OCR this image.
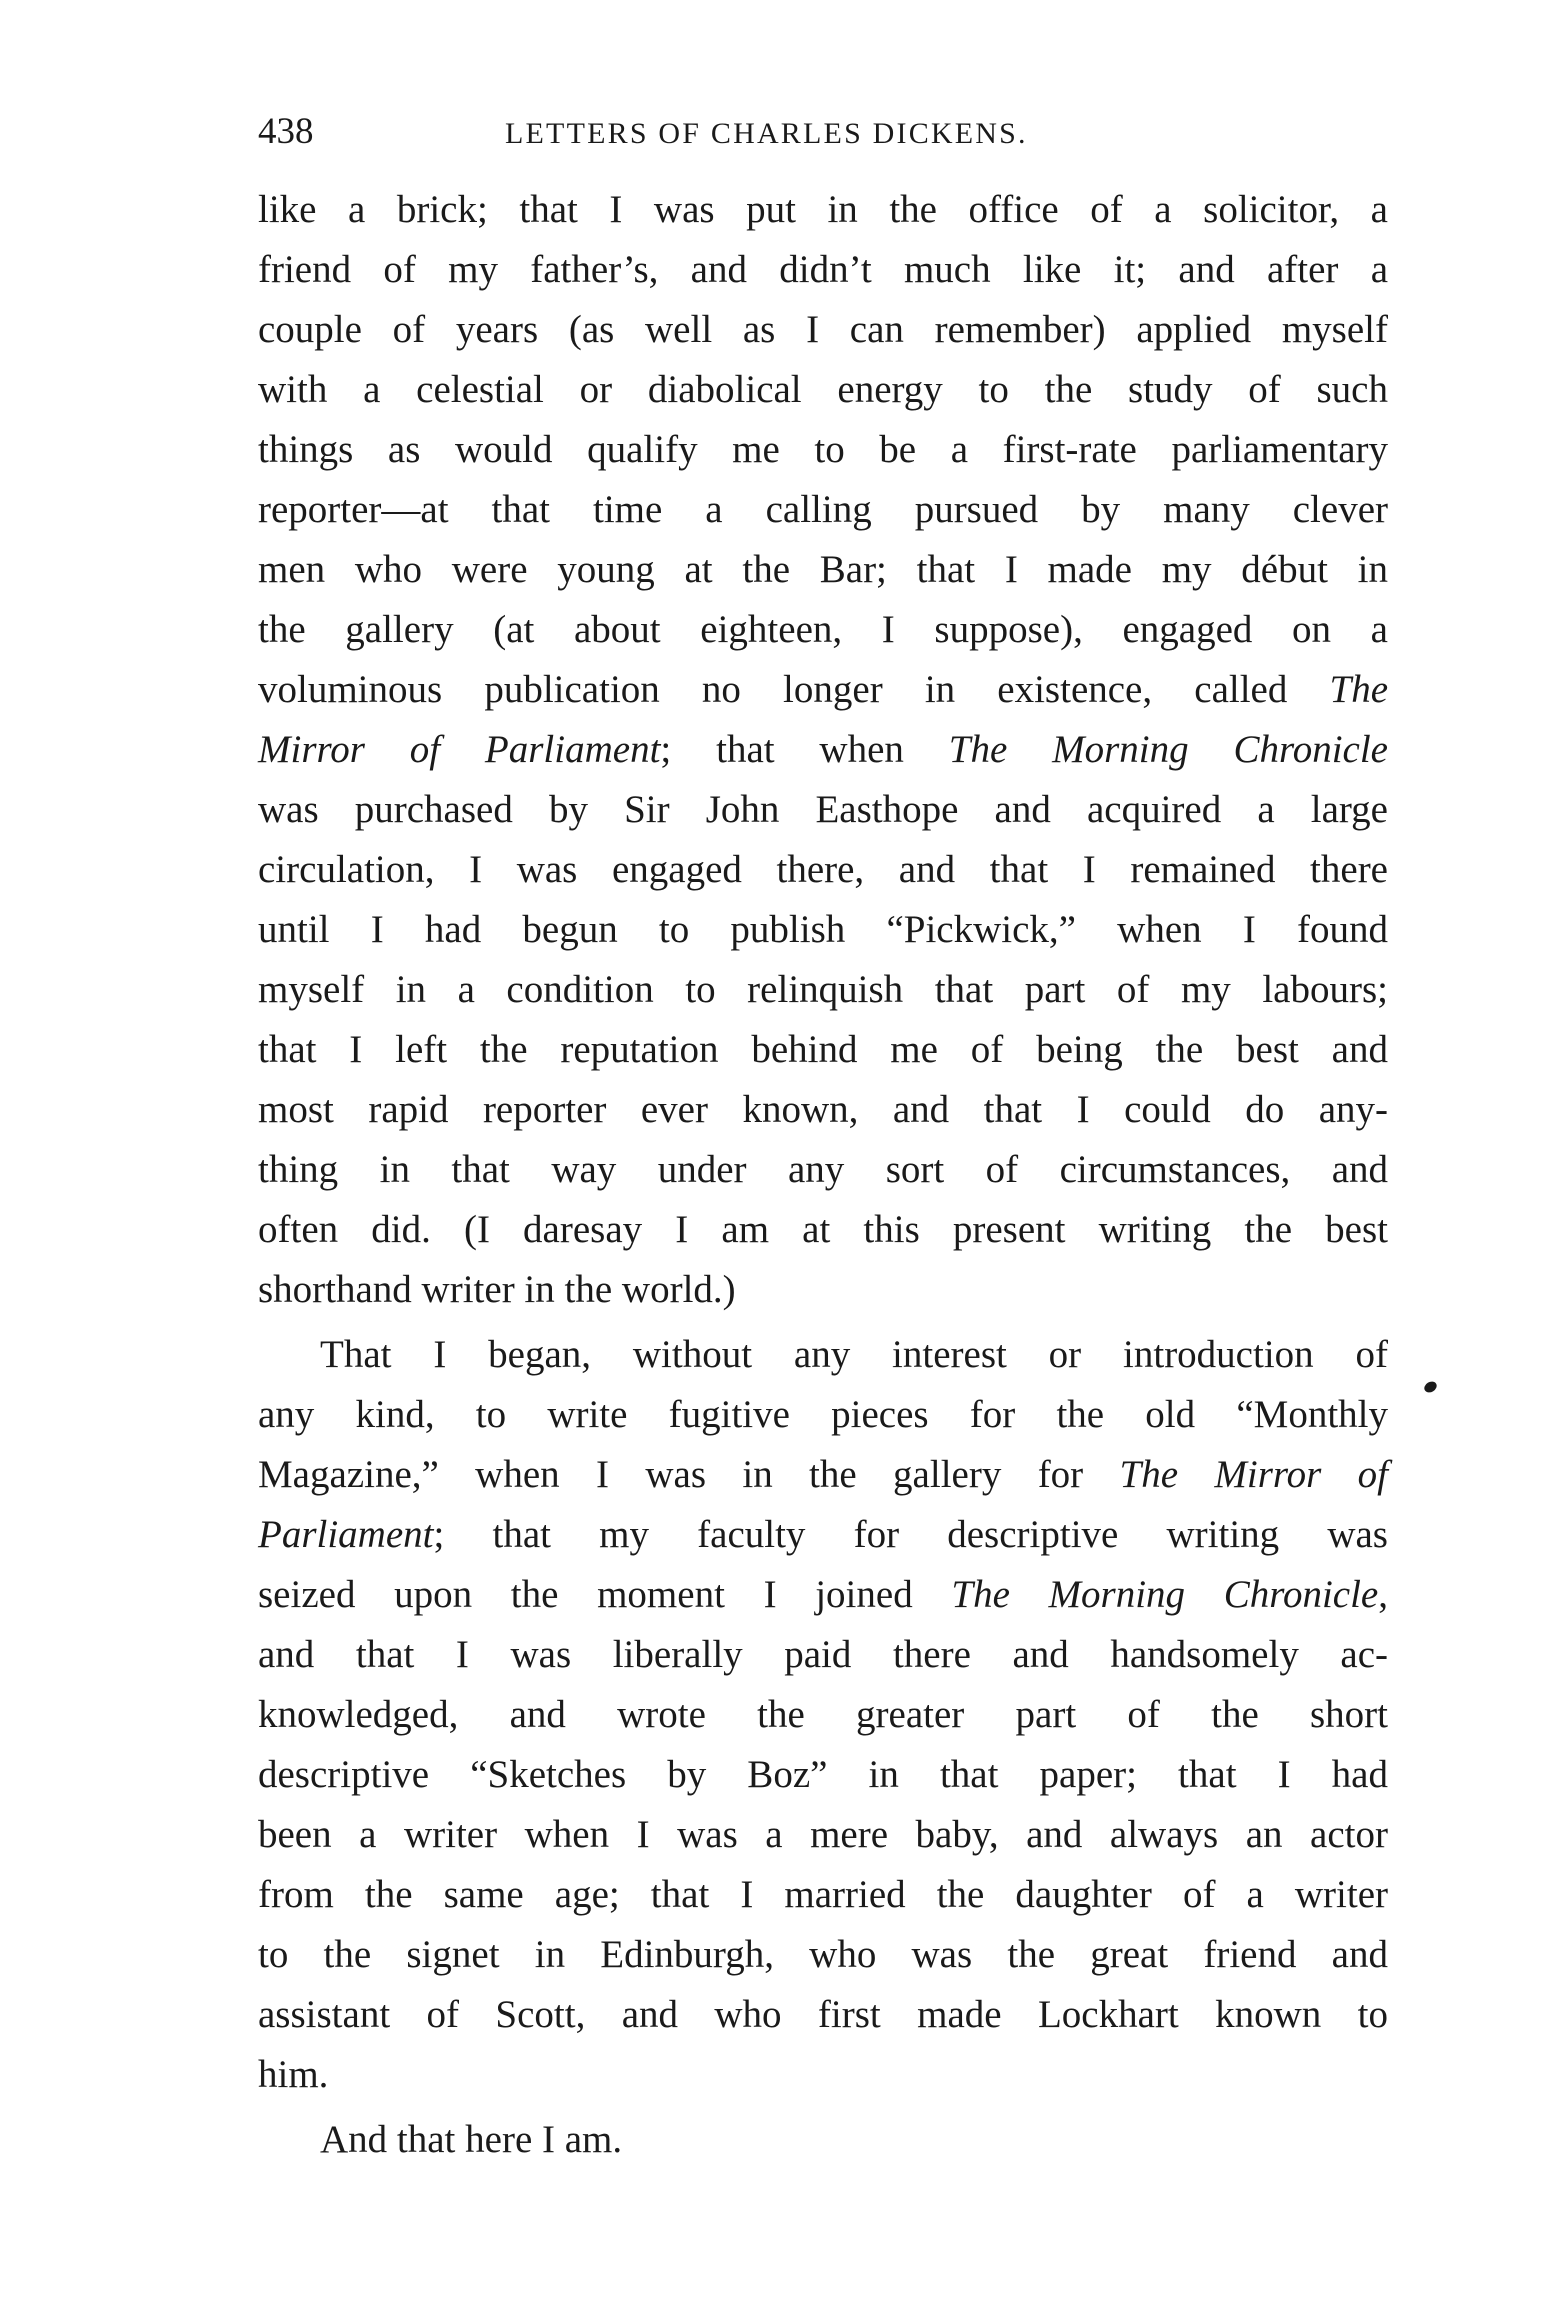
438	LETTERS OF CHARLES DICKENS.
like a brick; that I was put in the office of a solicitor, a
friend of my father’s, and didn’t much like it; and after a
couple of years (as well as I can remember) applied myself
with a celestial or diabolical energy to the study of such
things as would qualify me to be a first-rate parliamentary
reporter—at that time a calling pursued by many clever
men who were young at the Bar; that I made my début in
the gallery (at about eighteen, I suppose), engaged on a
voluminous publication no longer in existence, called The
Mirror of Parliament; that when The Morning Chronicle
was purchased by Sir John Easthope and acquired a large
circulation, I was engaged there, and that I remained there
until I had begun to publish “Pickwick,” when I found
myself in a condition to relinquish that part of my labours;
that I left the reputation behind me of being the best and
most rapid reporter ever known, and that I could do any-
thing in that way under any sort of circumstances, and
often did. (I daresay I am at this present writing the best
shorthand writer in the world.)
That I began, without any interest or introduction of
any kind, to write fugitive pieces for the old “Monthly
Magazine,” when I was in the gallery for The Mirror of
Parliament; that my faculty for descriptive writing was
seized upon the moment I joined The Morning Chronicle,
and that I was liberally paid there and handsomely ac-
knowledged, and wrote the greater part of the short
descriptive “Sketches by Boz” in that paper; that I had
been a writer when I was a mere baby, and always an actor
from the same age; that I married the daughter of a writer
to the signet in Edinburgh, who was the great friend and
assistant of Scott, and who first made Lockhart known to
him.
And that here I am.
